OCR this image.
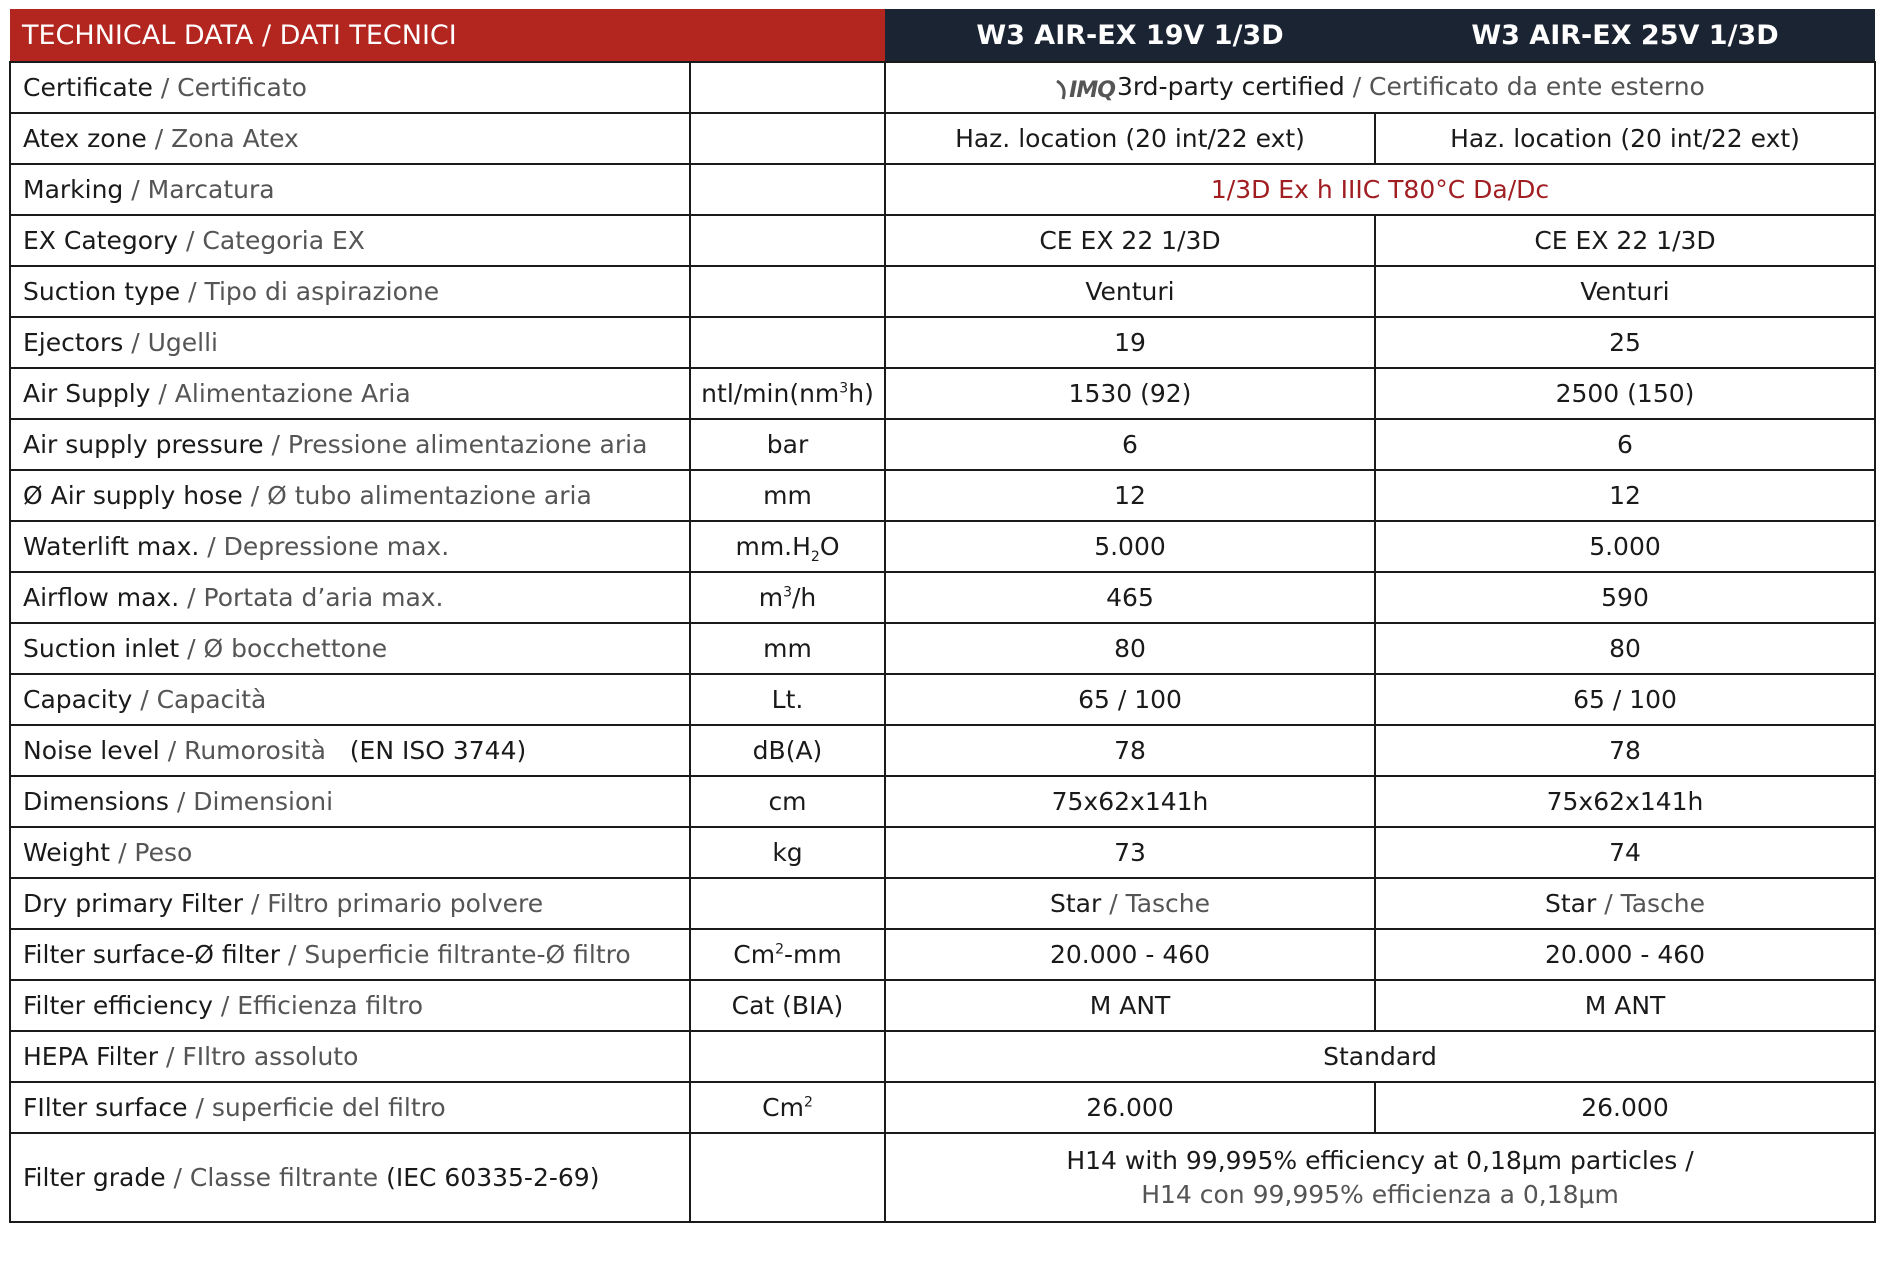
TECHNICAL DATA / DATI TECNICI		W3 AIR-EX 19V 1/3D	W3 AIR-EX 25V 1/3D
Certificate / Certificato		IMQ3rd-party certified / Certificato da ente esterno	
Atex zone / Zona Atex		Haz. location (20 int/22 ext)	Haz. location (20 int/22 ext)
Marking / Marcatura		1/3D Ex h IIIC T80°C Da/Dc	
EX Category / Categoria EX		CE EX 22 1/3D	CE EX 22 1/3D
Suction type / Tipo di aspirazione		Venturi	Venturi
Ejectors / Ugelli		19	25
Air Supply / Alimentazione Aria	ntl/$\min(nm^3h)$	1530 (92)	2500 (150)
Air supply pressure / Pressione alimentazione aria	bar	6	6
Ø Air supply hose / Ø tubo alimentazione aria	mm	12	12
Waterlift max. / Depressione max.	$mm.H_2O$	5.000	5.000
Airflow max. / Portata d’aria max.	$m^3/h$	465	590
Suction inlet / Ø bocchettone	mm	80	80
Capacity / Capacità	Lt.	65 / 100	65 / 100
Noise level / Rumorosità (EN ISO 3744)	dB(A)	78	78
Dimensions / Dimensioni	cm	75x62x141h	75x62x141h
Weight / Peso	kg	73	74
Dry primary Filter / Filtro primario polvere		Star / Tasche	Star / Tasche
Filter surface-Ø filter / Superficie filtrante-Ø filtro	Cm$^2$-mm	20.000 - 460	20.000 - 460
Filter efficiency / Efficienza filtro	Cat (BIA)	M ANT	M ANT
HEPA Filter / FIltro assoluto		Standard	
FIlter surface / superficie del filtro	Cm$^2$	26.000	26.000
Filter grade / Classe filtrante (IEC 60335-2-69)		H14 with 99,995% efficiency at 0,18μm particles /
H14 con 99,995% efficienza a 0,18μm	
